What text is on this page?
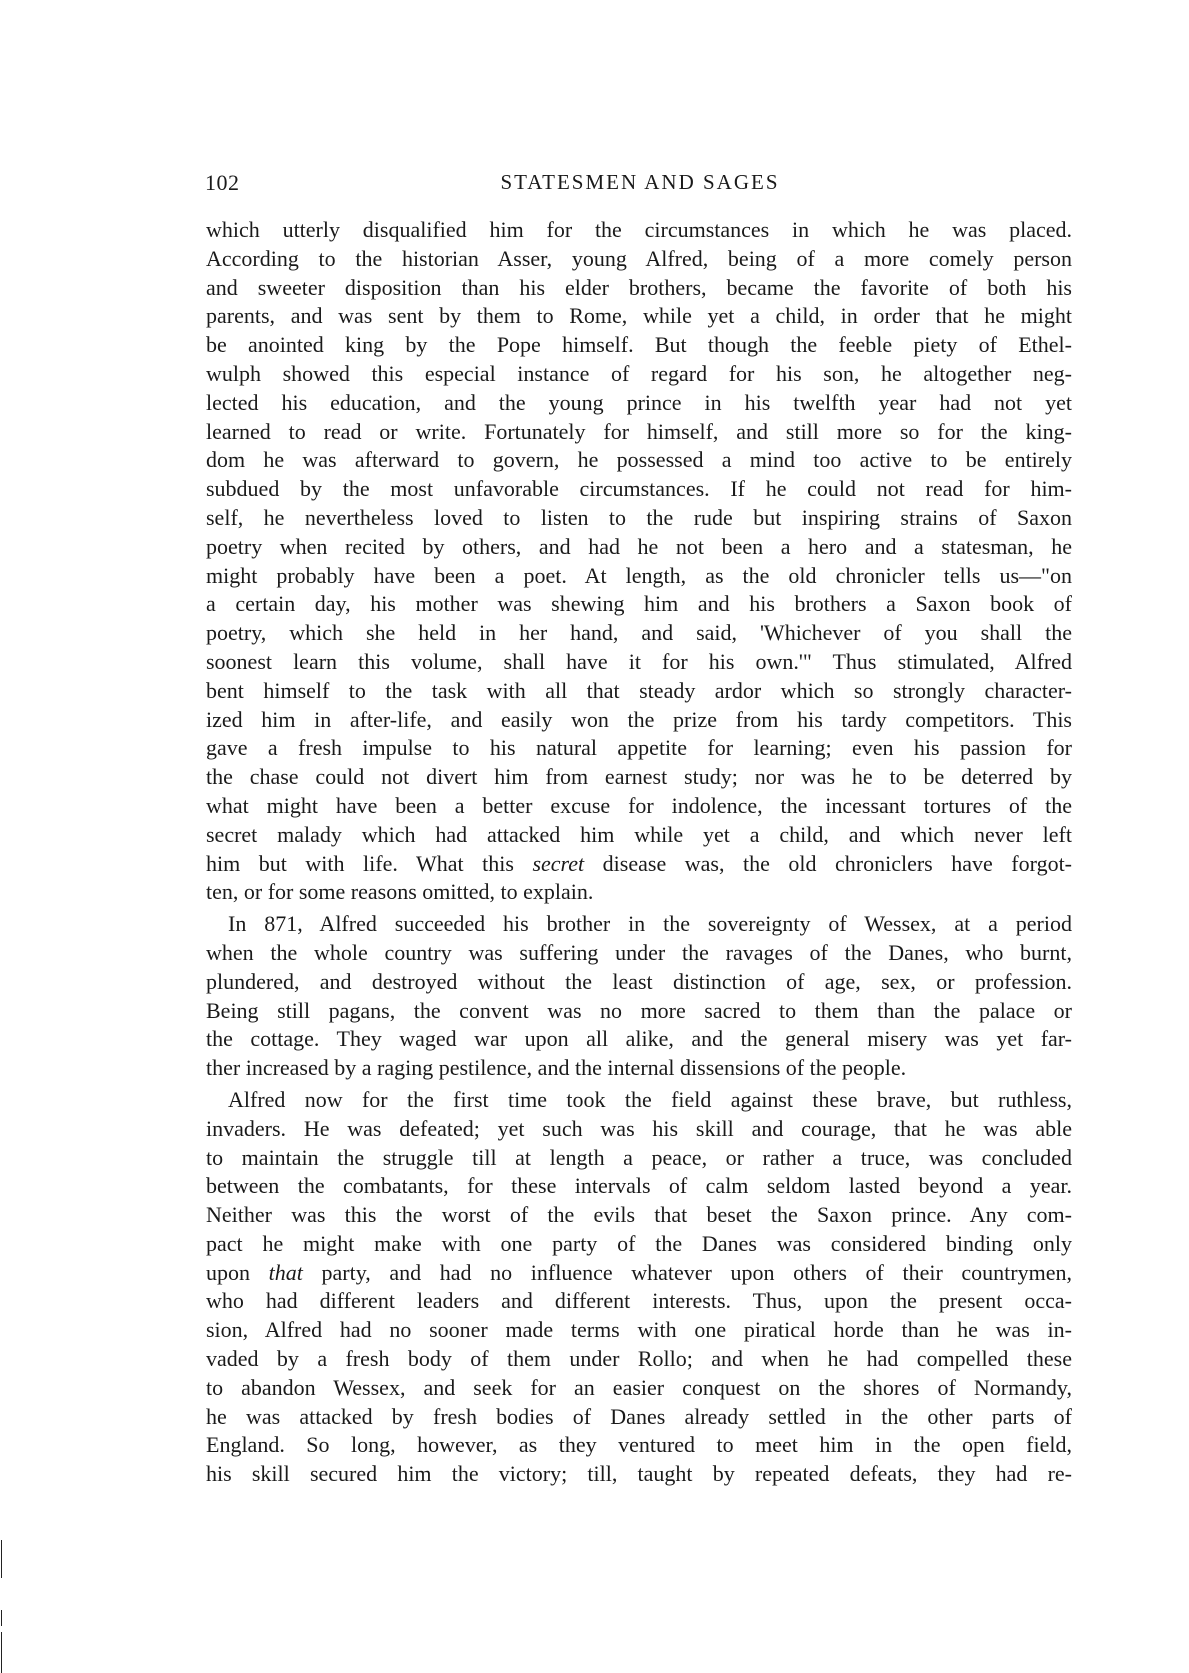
102	STATESMEN AND SAGES
which utterly disqualified him for the circumstances in which he was placed.
According to the historian Asser, young Alfred, being of a more comely person
and sweeter disposition than his elder brothers, became the favorite of both his
parents, and was sent by them to Rome, while yet a child, in order that he might
be anointed king by the Pope himself. But though the feeble piety of Ethel-
wulph showed this especial instance of regard for his son, he altogether neg-
lected his education, and the young prince in his twelfth year had not yet
learned to read or write. Fortunately for himself, and still more so for the king-
dom he was afterward to govern, he possessed a mind too active to be entirely
subdued by the most unfavorable circumstances. If he could not read for him-
self, he nevertheless loved to listen to the rude but inspiring strains of Saxon
poetry when recited by others, and had he not been a hero and a statesman, he
might probably have been a poet. At length, as the old chronicler tells us—"on
a certain day, his mother was shewing him and his brothers a Saxon book of
poetry, which she held in her hand, and said, 'Whichever of you shall the
soonest learn this volume, shall have it for his own.'" Thus stimulated, Alfred
bent himself to the task with all that steady ardor which so strongly character-
ized him in after-life, and easily won the prize from his tardy competitors. This
gave a fresh impulse to his natural appetite for learning; even his passion for
the chase could not divert him from earnest study; nor was he to be deterred by
what might have been a better excuse for indolence, the incessant tortures of the
secret malady which had attacked him while yet a child, and which never left
him but with life. What this secret disease was, the old chroniclers have forgot-
ten, or for some reasons omitted, to explain.
In 871, Alfred succeeded his brother in the sovereignty of Wessex, at a period
when the whole country was suffering under the ravages of the Danes, who burnt,
plundered, and destroyed without the least distinction of age, sex, or profession.
Being still pagans, the convent was no more sacred to them than the palace or
the cottage. They waged war upon all alike, and the general misery was yet far-
ther increased by a raging pestilence, and the internal dissensions of the people.
Alfred now for the first time took the field against these brave, but ruthless,
invaders. He was defeated; yet such was his skill and courage, that he was able
to maintain the struggle till at length a peace, or rather a truce, was concluded
between the combatants, for these intervals of calm seldom lasted beyond a year.
Neither was this the worst of the evils that beset the Saxon prince. Any com-
pact he might make with one party of the Danes was considered binding only
upon that party, and had no influence whatever upon others of their countrymen,
who had different leaders and different interests. Thus, upon the present occa-
sion, Alfred had no sooner made terms with one piratical horde than he was in-
vaded by a fresh body of them under Rollo; and when he had compelled these
to abandon Wessex, and seek for an easier conquest on the shores of Normandy,
he was attacked by fresh bodies of Danes already settled in the other parts of
England. So long, however, as they ventured to meet him in the open field,
his skill secured him the victory; till, taught by repeated defeats, they had re-
